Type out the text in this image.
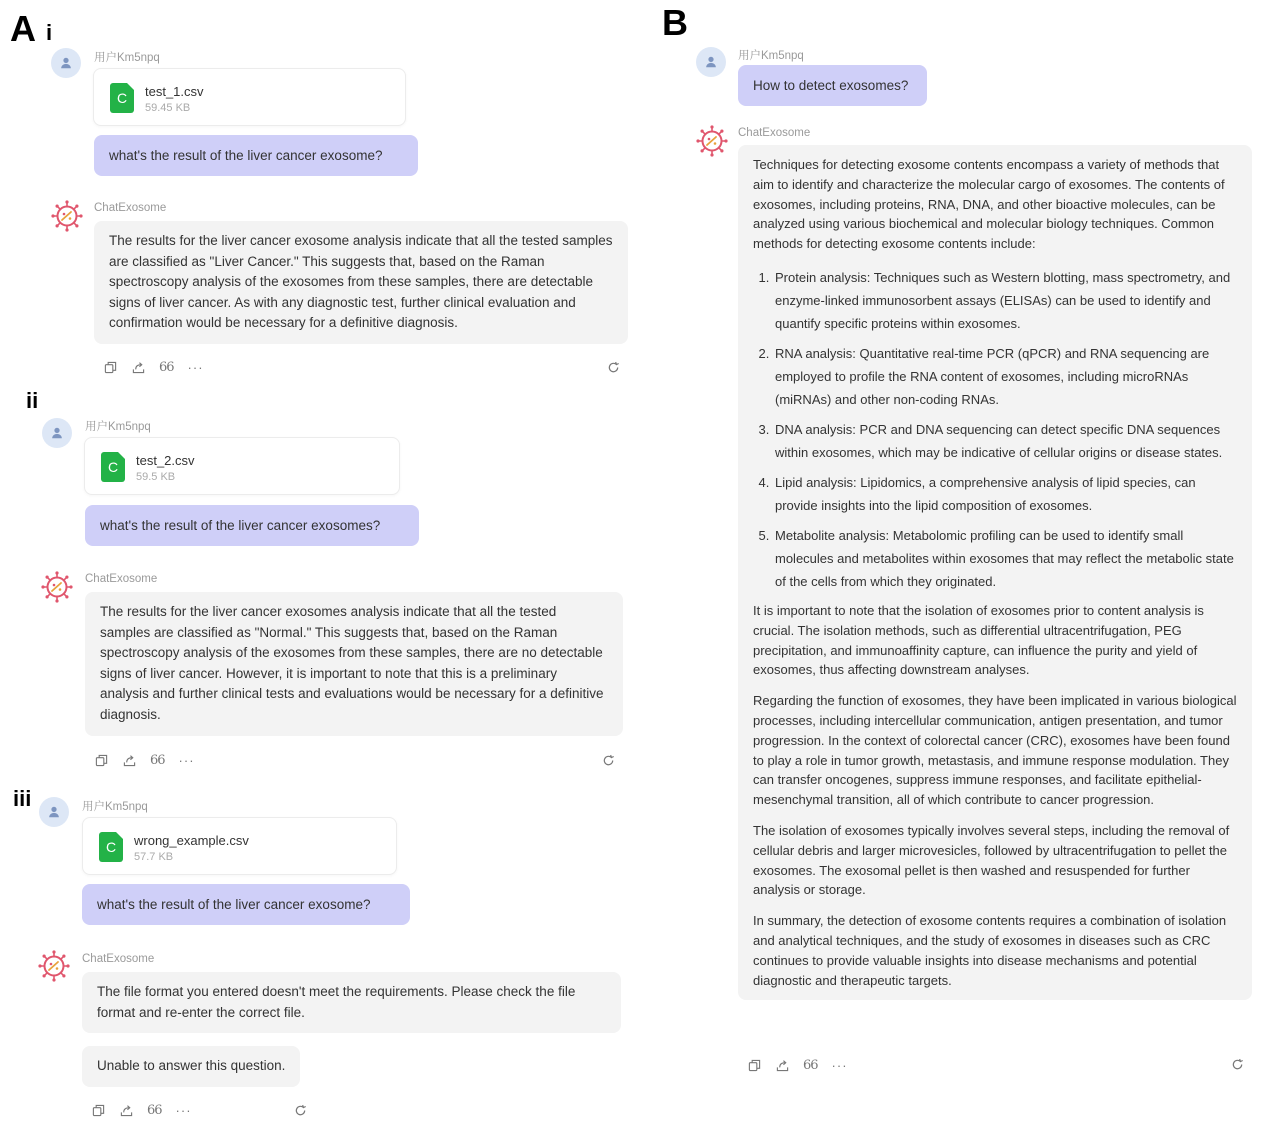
A i
ii
iii
B
用户Km5npq
C	test_1.csv
59.45 KB
what's the result of the liver cancer exosome?
ChatExosome

The results for the liver cancer exosome analysis indicate that all the tested samples are classified as "Liver Cancer." This suggests that, based on the Raman spectroscopy analysis of the exosomes from these samples, there are detectable signs of liver cancer. As with any diagnostic test, further clinical evaluation and confirmation would be necessary for a definitive diagnosis.

66 ···
用户Km5npq
C	test_2.csv
59.5 KB
what's the result of the liver cancer exosomes?
ChatExosome

The results for the liver cancer exosomes analysis indicate that all the tested samples are classified as "Normal." This suggests that, based on the Raman spectroscopy analysis of the exosomes from these samples, there are no detectable signs of liver cancer. However, it is important to note that this is a preliminary analysis and further clinical tests and evaluations would be necessary for a definitive diagnosis.

66 ···
用户Km5npq
C	wrong_example.csv
57.7 KB
what's the result of the liver cancer exosome?
ChatExosome

The file format you entered doesn't meet the requirements. Please check the file format and re-enter the correct file.

Unable to answer this question.

66 ···
用户Km5npq
How to detect exosomes?
ChatExosome

Techniques for detecting exosome contents encompass a variety of methods that aim to identify and characterize the molecular cargo of exosomes. The contents of exosomes, including proteins, RNA, DNA, and other bioactive molecules, can be analyzed using various biochemical and molecular biology techniques. Common methods for detecting exosome contents include:

1. Protein analysis: Techniques such as Western blotting, mass spectrometry, and enzyme-linked immunosorbent assays (ELISAs) can be used to identify and quantify specific proteins within exosomes.
2. RNA analysis: Quantitative real-time PCR (qPCR) and RNA sequencing are employed to profile the RNA content of exosomes, including microRNAs (miRNAs) and other non-coding RNAs.
3. DNA analysis: PCR and DNA sequencing can detect specific DNA sequences within exosomes, which may be indicative of cellular origins or disease states.
4. Lipid analysis: Lipidomics, a comprehensive analysis of lipid species, can provide insights into the lipid composition of exosomes.
5. Metabolite analysis: Metabolomic profiling can be used to identify small molecules and metabolites within exosomes that may reflect the metabolic state of the cells from which they originated.

It is important to note that the isolation of exosomes prior to content analysis is crucial. The isolation methods, such as differential ultracentrifugation, PEG precipitation, and immunoaffinity capture, can influence the purity and yield of exosomes, thus affecting downstream analyses.

Regarding the function of exosomes, they have been implicated in various biological processes, including intercellular communication, antigen presentation, and tumor progression. In the context of colorectal cancer (CRC), exosomes have been found to play a role in tumor growth, metastasis, and immune response modulation. They can transfer oncogenes, suppress immune responses, and facilitate epithelial-mesenchymal transition, all of which contribute to cancer progression.

The isolation of exosomes typically involves several steps, including the removal of cellular debris and larger microvesicles, followed by ultracentrifugation to pellet the exosomes. The exosomal pellet is then washed and resuspended for further analysis or storage.

In summary, the detection of exosome contents requires a combination of isolation and analytical techniques, and the study of exosomes in diseases such as CRC continues to provide valuable insights into disease mechanisms and potential diagnostic and therapeutic targets.

66 ···
